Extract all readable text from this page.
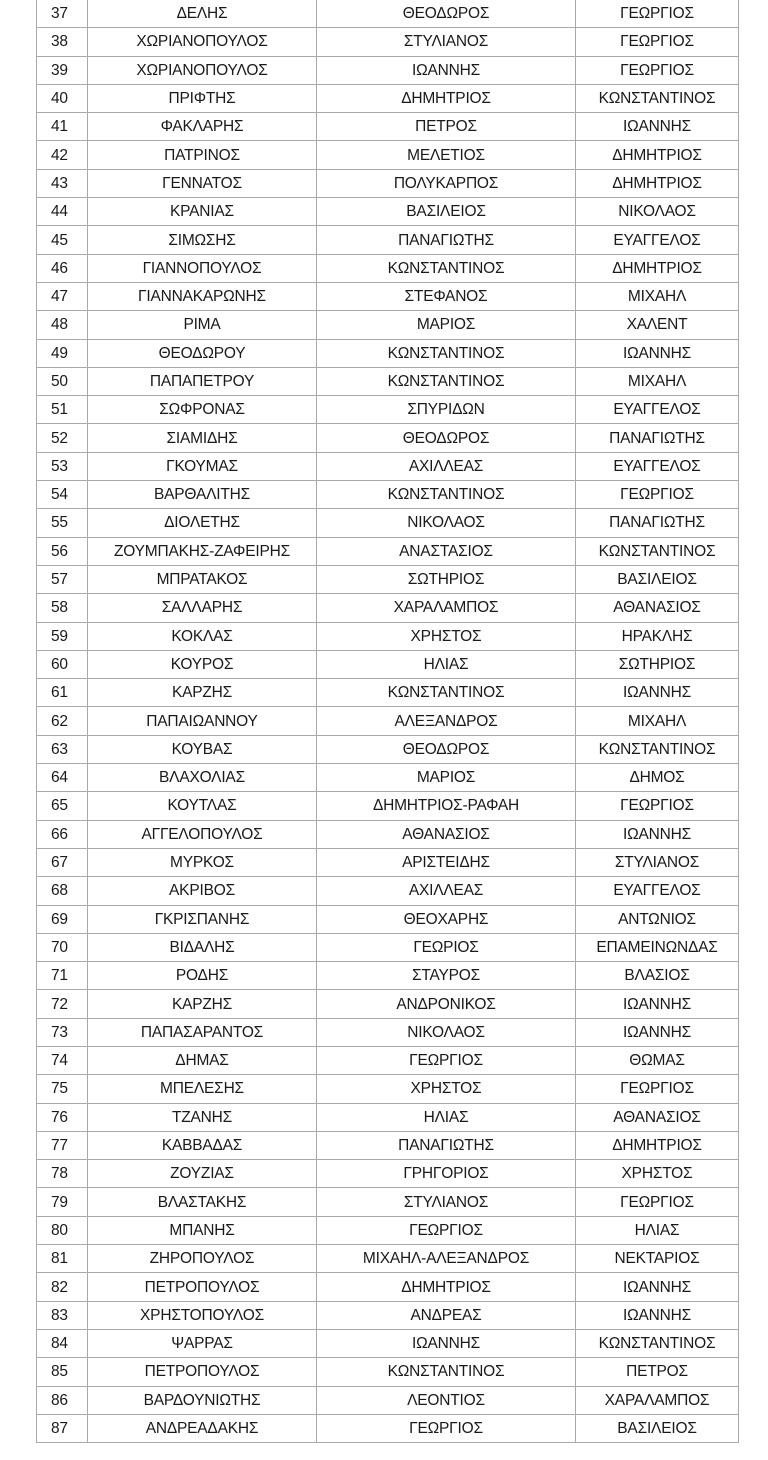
37	ΔΕΛΗΣ	ΘΕΟΔΩΡΟΣ	ΓΕΩΡΓΙΟΣ
38	ΧΩΡΙΑΝΟΠΟΥΛΟΣ	ΣΤΥΛΙΑΝΟΣ	ΓΕΩΡΓΙΟΣ
39	ΧΩΡΙΑΝΟΠΟΥΛΟΣ	ΙΩΑΝΝΗΣ	ΓΕΩΡΓΙΟΣ
40	ΠΡΙΦΤΗΣ	ΔΗΜΗΤΡΙΟΣ	ΚΩΝΣΤΑΝΤΙΝΟΣ
41	ΦΑΚΛΑΡΗΣ	ΠΕΤΡΟΣ	ΙΩΑΝΝΗΣ
42	ΠΑΤΡΙΝΟΣ	ΜΕΛΕΤΙΟΣ	ΔΗΜΗΤΡΙΟΣ
43	ΓΕΝΝΑΤΟΣ	ΠΟΛΥΚΑΡΠΟΣ	ΔΗΜΗΤΡΙΟΣ
44	ΚΡΑΝΙΑΣ	ΒΑΣΙΛΕΙΟΣ	ΝΙΚΟΛΑΟΣ
45	ΣΙΜΩΣΗΣ	ΠΑΝΑΓΙΩΤΗΣ	ΕΥΑΓΓΕΛΟΣ
46	ΓΙΑΝΝΟΠΟΥΛΟΣ	ΚΩΝΣΤΑΝΤΙΝΟΣ	ΔΗΜΗΤΡΙΟΣ
47	ΓΙΑΝΝΑΚΑΡΩΝΗΣ	ΣΤΕΦΑΝΟΣ	ΜΙΧΑΗΛ
48	ΡΙΜΑ	ΜΑΡΙΟΣ	ΧΑΛΕΝΤ
49	ΘΕΟΔΩΡΟΥ	ΚΩΝΣΤΑΝΤΙΝΟΣ	ΙΩΑΝΝΗΣ
50	ΠΑΠΑΠΕΤΡΟΥ	ΚΩΝΣΤΑΝΤΙΝΟΣ	ΜΙΧΑΗΛ
51	ΣΩΦΡΟΝΑΣ	ΣΠΥΡΙΔΩΝ	ΕΥΑΓΓΕΛΟΣ
52	ΣΙΑΜΙΔΗΣ	ΘΕΟΔΩΡΟΣ	ΠΑΝΑΓΙΩΤΗΣ
53	ΓΚΟΥΜΑΣ	ΑΧΙΛΛΕΑΣ	ΕΥΑΓΓΕΛΟΣ
54	ΒΑΡΘΑΛΙΤΗΣ	ΚΩΝΣΤΑΝΤΙΝΟΣ	ΓΕΩΡΓΙΟΣ
55	ΔΙΟΛΕΤΗΣ	ΝΙΚΟΛΑΟΣ	ΠΑΝΑΓΙΩΤΗΣ
56	ΖΟΥΜΠΑΚΗΣ-ΖΑΦΕΙΡΗΣ	ΑΝΑΣΤΑΣΙΟΣ	ΚΩΝΣΤΑΝΤΙΝΟΣ
57	ΜΠΡΑΤΑΚΟΣ	ΣΩΤΗΡΙΟΣ	ΒΑΣΙΛΕΙΟΣ
58	ΣΑΛΛΑΡΗΣ	ΧΑΡΑΛΑΜΠΟΣ	ΑΘΑΝΑΣΙΟΣ
59	ΚΟΚΛΑΣ	ΧΡΗΣΤΟΣ	ΗΡΑΚΛΗΣ
60	ΚΟΥΡΟΣ	ΗΛΙΑΣ	ΣΩΤΗΡΙΟΣ
61	ΚΑΡΖΗΣ	ΚΩΝΣΤΑΝΤΙΝΟΣ	ΙΩΑΝΝΗΣ
62	ΠΑΠΑΙΩΑΝΝΟΥ	ΑΛΕΞΑΝΔΡΟΣ	ΜΙΧΑΗΛ
63	ΚΟΥΒΑΣ	ΘΕΟΔΩΡΟΣ	ΚΩΝΣΤΑΝΤΙΝΟΣ
64	ΒΛΑΧΟΛΙΑΣ	ΜΑΡΙΟΣ	ΔΗΜΟΣ
65	ΚΟΥΤΛΑΣ	ΔΗΜΗΤΡΙΟΣ-ΡΑΦΑΗ	ΓΕΩΡΓΙΟΣ
66	ΑΓΓΕΛΟΠΟΥΛΟΣ	ΑΘΑΝΑΣΙΟΣ	ΙΩΑΝΝΗΣ
67	ΜΥΡΚΟΣ	ΑΡΙΣΤΕΙΔΗΣ	ΣΤΥΛΙΑΝΟΣ
68	ΑΚΡΙΒΟΣ	ΑΧΙΛΛΕΑΣ	ΕΥΑΓΓΕΛΟΣ
69	ΓΚΡΙΣΠΑΝΗΣ	ΘΕΟΧΑΡΗΣ	ΑΝΤΩΝΙΟΣ
70	ΒΙΔΑΛΗΣ	ΓΕΩΡΙΟΣ	ΕΠΑΜΕΙΝΩΝΔΑΣ
71	ΡΟΔΗΣ	ΣΤΑΥΡΟΣ	ΒΛΑΣΙΟΣ
72	ΚΑΡΖΗΣ	ΑΝΔΡΟΝΙΚΟΣ	ΙΩΑΝΝΗΣ
73	ΠΑΠΑΣΑΡΑΝΤΟΣ	ΝΙΚΟΛΑΟΣ	ΙΩΑΝΝΗΣ
74	ΔΗΜΑΣ	ΓΕΩΡΓΙΟΣ	ΘΩΜΑΣ
75	ΜΠΕΛΕΣΗΣ	ΧΡΗΣΤΟΣ	ΓΕΩΡΓΙΟΣ
76	ΤΖΑΝΗΣ	ΗΛΙΑΣ	ΑΘΑΝΑΣΙΟΣ
77	ΚΑΒΒΑΔΑΣ	ΠΑΝΑΓΙΩΤΗΣ	ΔΗΜΗΤΡΙΟΣ
78	ΖΟΥΖΙΑΣ	ΓΡΗΓΟΡΙΟΣ	ΧΡΗΣΤΟΣ
79	ΒΛΑΣΤΑΚΗΣ	ΣΤΥΛΙΑΝΟΣ	ΓΕΩΡΓΙΟΣ
80	ΜΠΑΝΗΣ	ΓΕΩΡΓΙΟΣ	ΗΛΙΑΣ
81	ΖΗΡΟΠΟΥΛΟΣ	ΜΙΧΑΗΛ-ΑΛΕΞΑΝΔΡΟΣ	ΝΕΚΤΑΡΙΟΣ
82	ΠΕΤΡΟΠΟΥΛΟΣ	ΔΗΜΗΤΡΙΟΣ	ΙΩΑΝΝΗΣ
83	ΧΡΗΣΤΟΠΟΥΛΟΣ	ΑΝΔΡΕΑΣ	ΙΩΑΝΝΗΣ
84	ΨΑΡΡΑΣ	ΙΩΑΝΝΗΣ	ΚΩΝΣΤΑΝΤΙΝΟΣ
85	ΠΕΤΡΟΠΟΥΛΟΣ	ΚΩΝΣΤΑΝΤΙΝΟΣ	ΠΕΤΡΟΣ
86	ΒΑΡΔΟΥΝΙΩΤΗΣ	ΛΕΟΝΤΙΟΣ	ΧΑΡΑΛΑΜΠΟΣ
87	ΑΝΔΡΕΑΔΑΚΗΣ	ΓΕΩΡΓΙΟΣ	ΒΑΣΙΛΕΙΟΣ
